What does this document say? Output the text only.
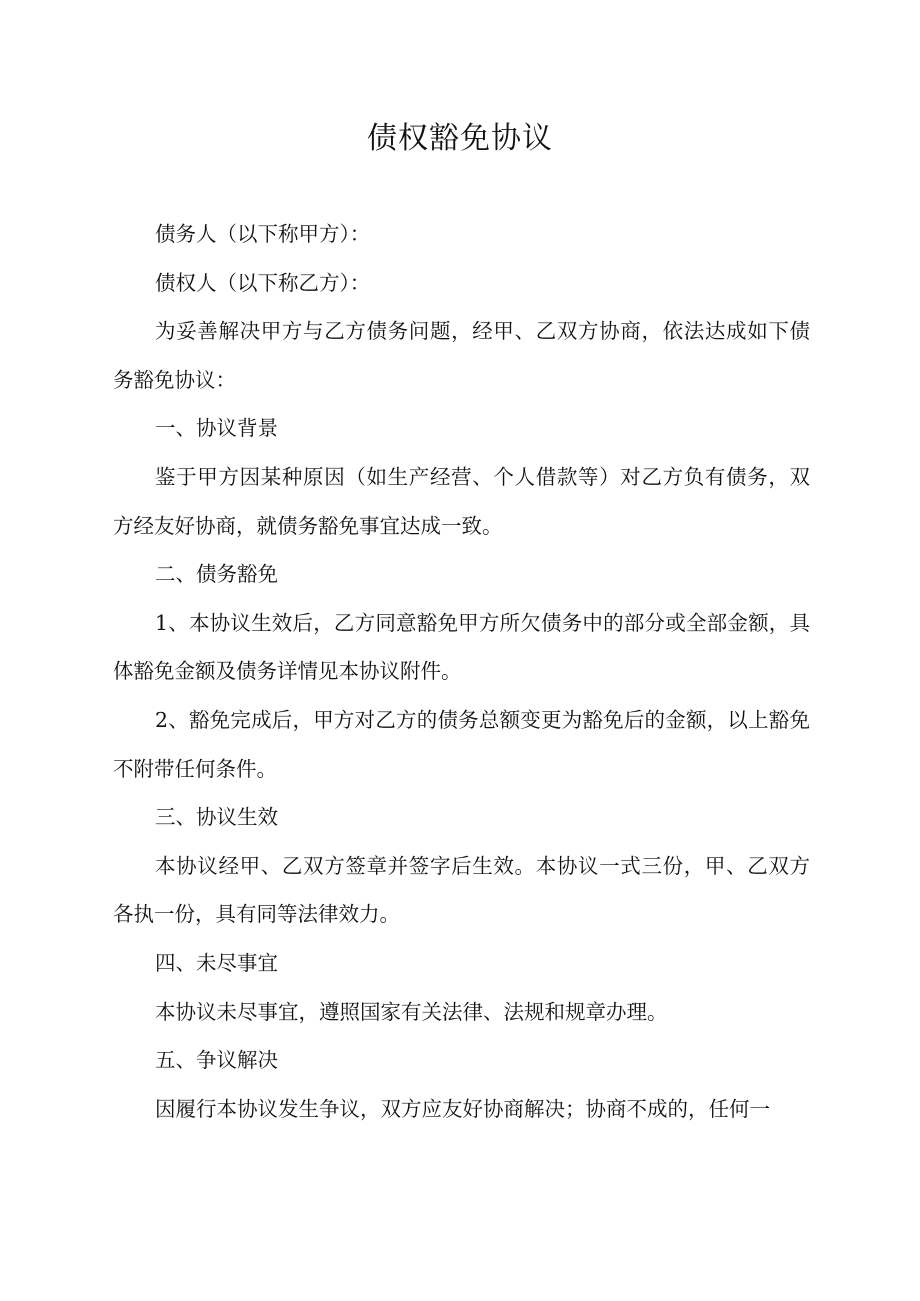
债权豁免协议

债务人（以下称甲方）：

债权人（以下称乙方）：

为妥善解决甲方与乙方债务问题，经甲、乙双方协商，依法达成如下债务豁免协议：

一、协议背景

鉴于甲方因某种原因（如生产经营、个人借款等）对乙方负有债务，双方经友好协商，就债务豁免事宜达成一致。

二、债务豁免

1、本协议生效后，乙方同意豁免甲方所欠债务中的部分或全部金额，具体豁免金额及债务详情见本协议附件。

2、豁免完成后，甲方对乙方的债务总额变更为豁免后的金额，以上豁免不附带任何条件。

三、协议生效

本协议经甲、乙双方签章并签字后生效。本协议一式三份，甲、乙双方各执一份，具有同等法律效力。

四、未尽事宜

本协议未尽事宜，遵照国家有关法律、法规和规章办理。

五、争议解决

因履行本协议发生争议，双方应友好协商解决；协商不成的，任何一
